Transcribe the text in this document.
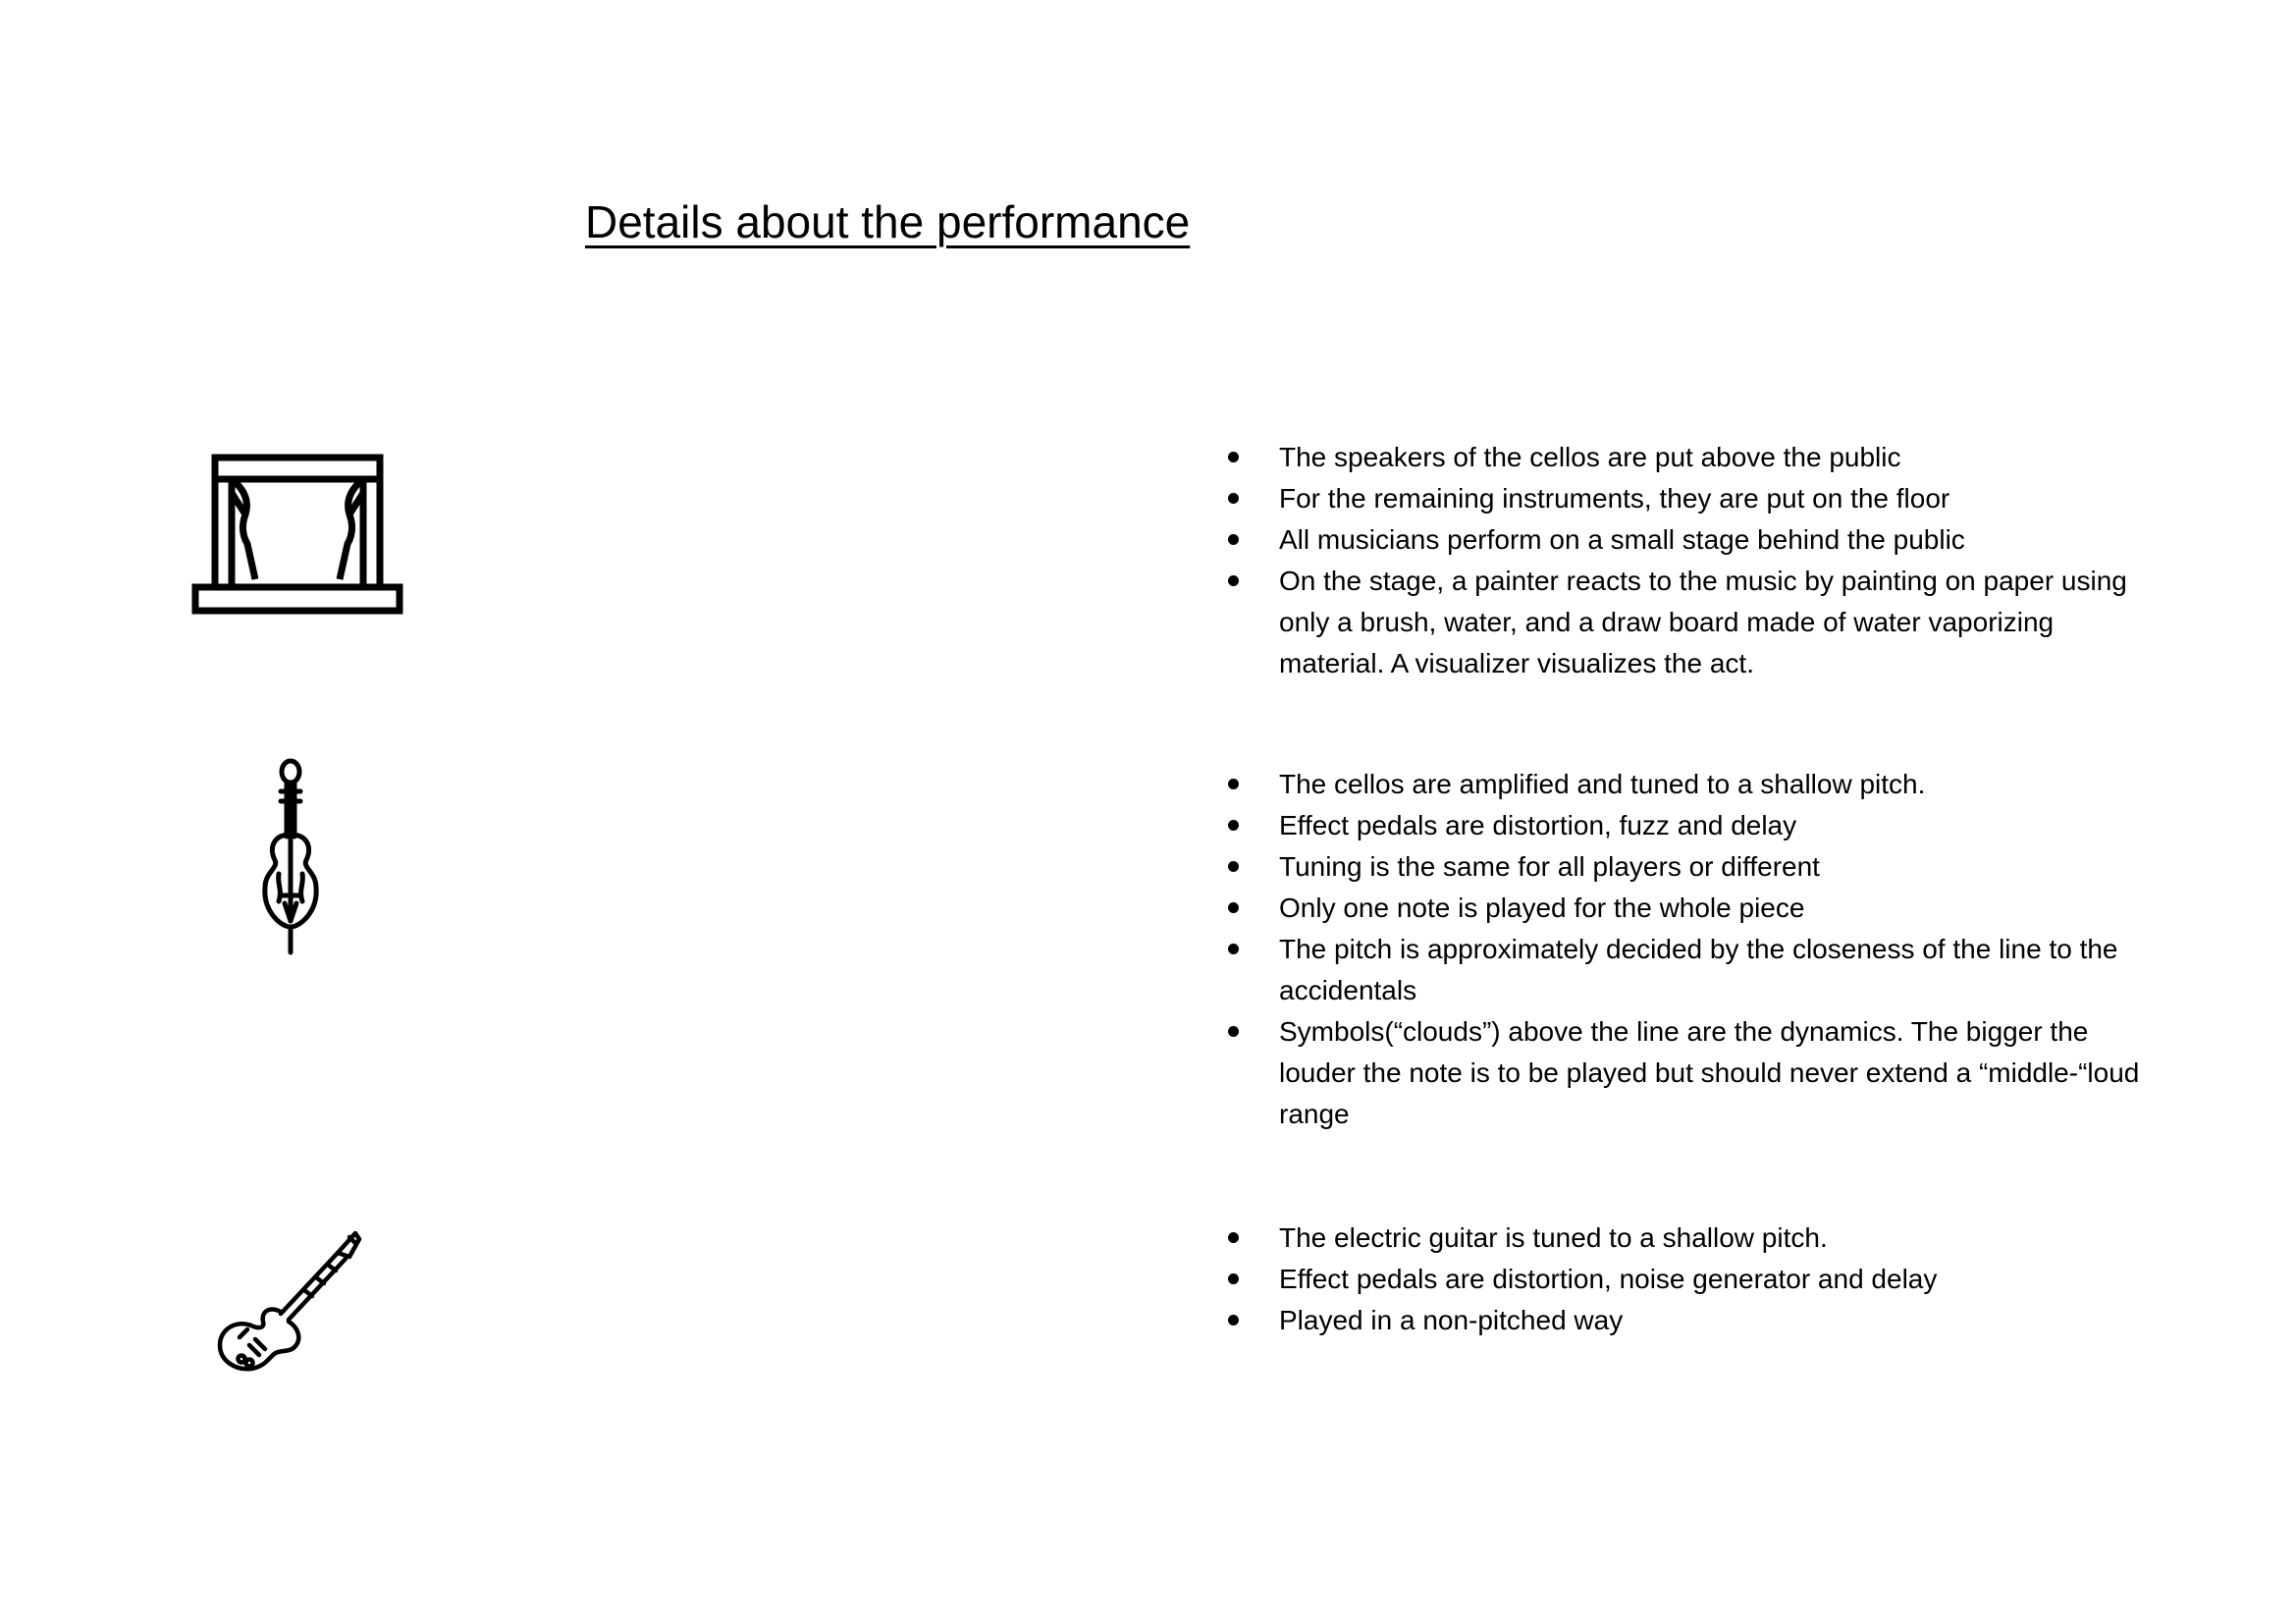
Details about the performance
The speakers of the cellos are put above the public
For the remaining instruments, they are put on the floor
All musicians perform on a small stage behind the public
On the stage, a painter reacts to the music by painting on paper using only a brush, water, and a draw board made of water vaporizing material. A visualizer visualizes the act.
The cellos are amplified and tuned to a shallow pitch.
Effect pedals are distortion, fuzz and delay
Tuning is the same for all players or different
Only one note is played for the whole piece
The pitch is approximately decided by the closeness of the line to the accidentals
Symbols(“clouds”) above the line are the dynamics. The bigger the louder the note is to be played but should never extend a “middle-“loud range
The electric guitar is tuned to a shallow pitch.
Effect pedals are distortion, noise generator and delay
Played in a non-pitched way
